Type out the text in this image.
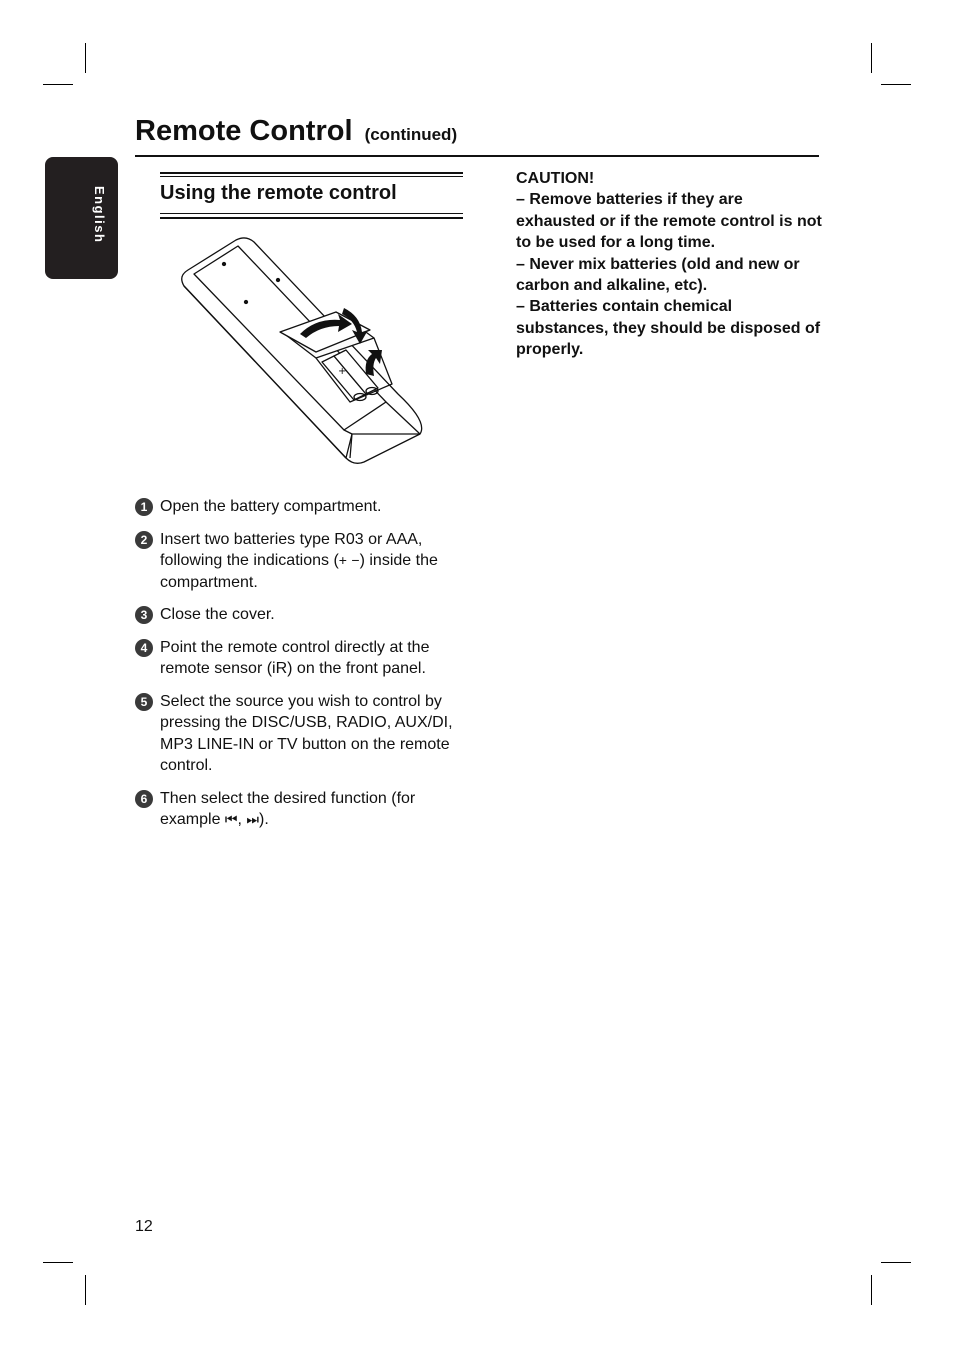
English
Remote Control (continued)
Using the remote control
+
1 Open the battery compartment.
2 Insert two batteries type R03 or AAA, following the indications (+ −) inside the compartment.
3 Close the cover.
4 Point the remote control directly at the remote sensor (iR) on the front panel.
5 Select the source you wish to control by pressing the DISC/USB, RADIO, AUX/DI, MP3 LINE-IN or TV button on the remote control.
6 Then select the desired function (for example ⏮, ⏭).

CAUTION!

– Remove batteries if they are exhausted or if the remote control is not to be used for a long time.

– Never mix batteries (old and new or carbon and alkaline, etc).

– Batteries contain chemical substances, they should be disposed of properly.

12
